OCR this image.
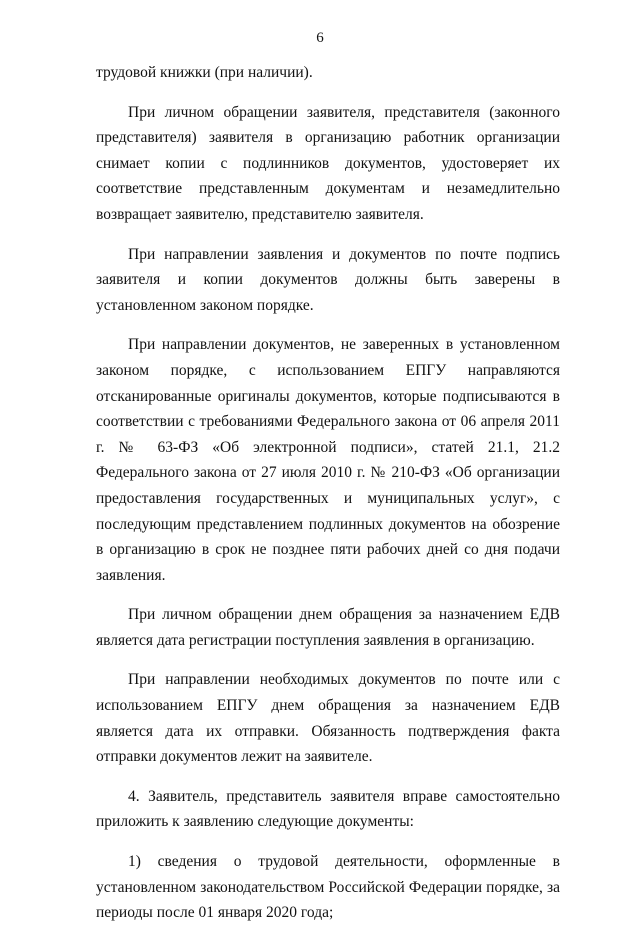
6

трудовой книжки (при наличии).

При личном обращении заявителя, представителя (законного представителя) заявителя в организацию работник организации снимает копии с подлинников документов, удостоверяет их соответствие представленным документам и незамедлительно возвращает заявителю, представителю заявителя.

При направлении заявления и документов по почте подпись заявителя и копии документов должны быть заверены в установленном законом порядке.

При направлении документов, не заверенных в установленном законом порядке, с использованием ЕПГУ направляются отсканированные оригиналы документов, которые подписываются в соответствии с требованиями Федерального закона от 06 апреля 2011 г. № 63-ФЗ «Об электронной подписи», статей 21.1, 21.2 Федерального закона от 27 июля 2010 г. № 210-ФЗ «Об организации предоставления государственных и муниципальных услуг», с последующим представлением подлинных документов на обозрение в организацию в срок не позднее пяти рабочих дней со дня подачи заявления.

При личном обращении днем обращения за назначением ЕДВ является дата регистрации поступления заявления в организацию.

При направлении необходимых документов по почте или с использованием ЕПГУ днем обращения за назначением ЕДВ является дата их отправки. Обязанность подтверждения факта отправки документов лежит на заявителе.

4. Заявитель, представитель заявителя вправе самостоятельно приложить к заявлению следующие документы:

1) сведения о трудовой деятельности, оформленные в установленном законодательством Российской Федерации порядке, за периоды после 01 января 2020 года;
